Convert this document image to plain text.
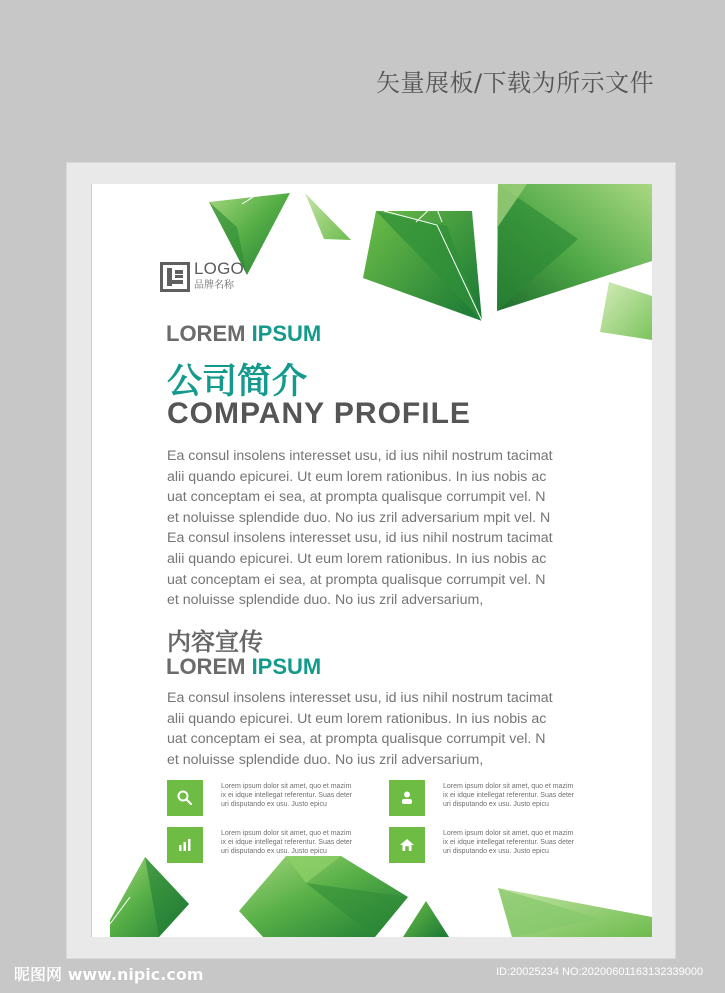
矢量展板/下载为所示文件
LOGO
品牌名称
LOREM IPSUM
公司简介
COMPANY PROFILE
Ea consul insolens interesset usu, id ius nihil nostrum tacimat
alii quando epicurei. Ut eum lorem rationibus. In ius nobis ac
uat conceptam ei sea, at prompta qualisque corrumpit vel. N
et noluisse splendide duo. No ius zril adversarium mpit vel. N
Ea consul insolens interesset usu, id ius nihil nostrum tacimat
alii quando epicurei. Ut eum lorem rationibus. In ius nobis ac
uat conceptam ei sea, at prompta qualisque corrumpit vel. N
et noluisse splendide duo. No ius zril adversarium,
内容宣传
LOREM IPSUM
Ea consul insolens interesset usu, id ius nihil nostrum tacimat
alii quando epicurei. Ut eum lorem rationibus. In ius nobis ac
uat conceptam ei sea, at prompta qualisque corrumpit vel. N
et noluisse splendide duo. No ius zril adversarium,
Lorem ipsum dolor sit amet, quo et mazim
ix ei idque intellegat referentur. Suas deter
uri disputando ex usu. Justo epicu
Lorem ipsum dolor sit amet, quo et mazim
ix ei idque intellegat referentur. Suas deter
uri disputando ex usu. Justo epicu
Lorem ipsum dolor sit amet, quo et mazim
ix ei idque intellegat referentur. Suas deter
uri disputando ex usu. Justo epicu
Lorem ipsum dolor sit amet, quo et mazim
ix ei idque intellegat referentur. Suas deter
uri disputando ex usu. Justo epicu
昵图网 www.nipic.com	ID:20025234 NO:20200601163132339000
